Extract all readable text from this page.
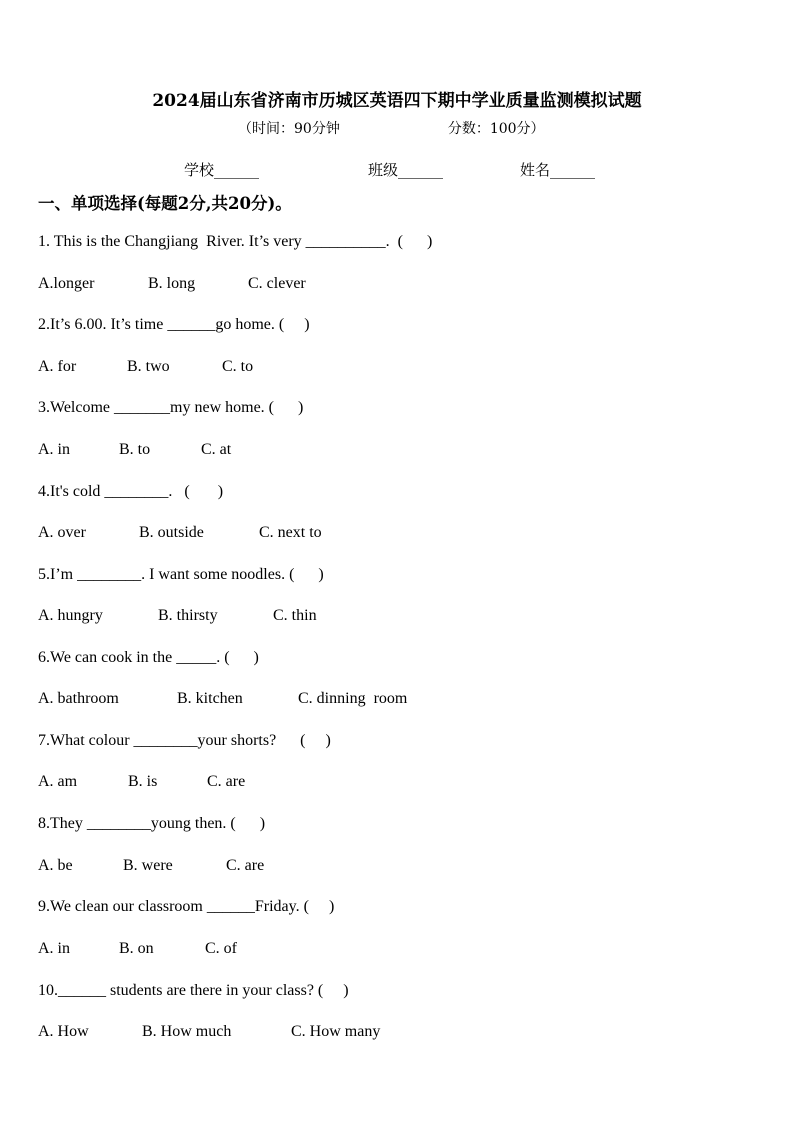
2024届山东省济南市历城区英语四下期中学业质量监测模拟试题
（时间：90分钟	分数：100分）
学校______	班级______	姓名______
一、单项选择(每题2分,共20分)。
1. This is the Changjiang  River. It’s very __________.  (      )
A.longer	B. long	C. clever
2.It’s 6.00. It’s time ______go home. (     )
A. for	B. two	C. to
3.Welcome _______my new home. (      )
A. in	B. to	C. at
4.It's cold ________.   (       )
A. over	B. outside	C. next to
5.I’m ________. I want some noodles. (      )
A. hungry	B. thirsty	C. thin
6.We can cook in the _____. (      )
A. bathroom	B. kitchen	C. dinning  room
7.What colour ________your shorts?      (     )
A. am	B. is	C. are
8.They ________young then. (      )
A. be	B. were	C. are
9.We clean our classroom ______Friday. (     )
A. in	B. on	C. of
10.______ students are there in your class? (     )
A. How	B. How much	C. How many
